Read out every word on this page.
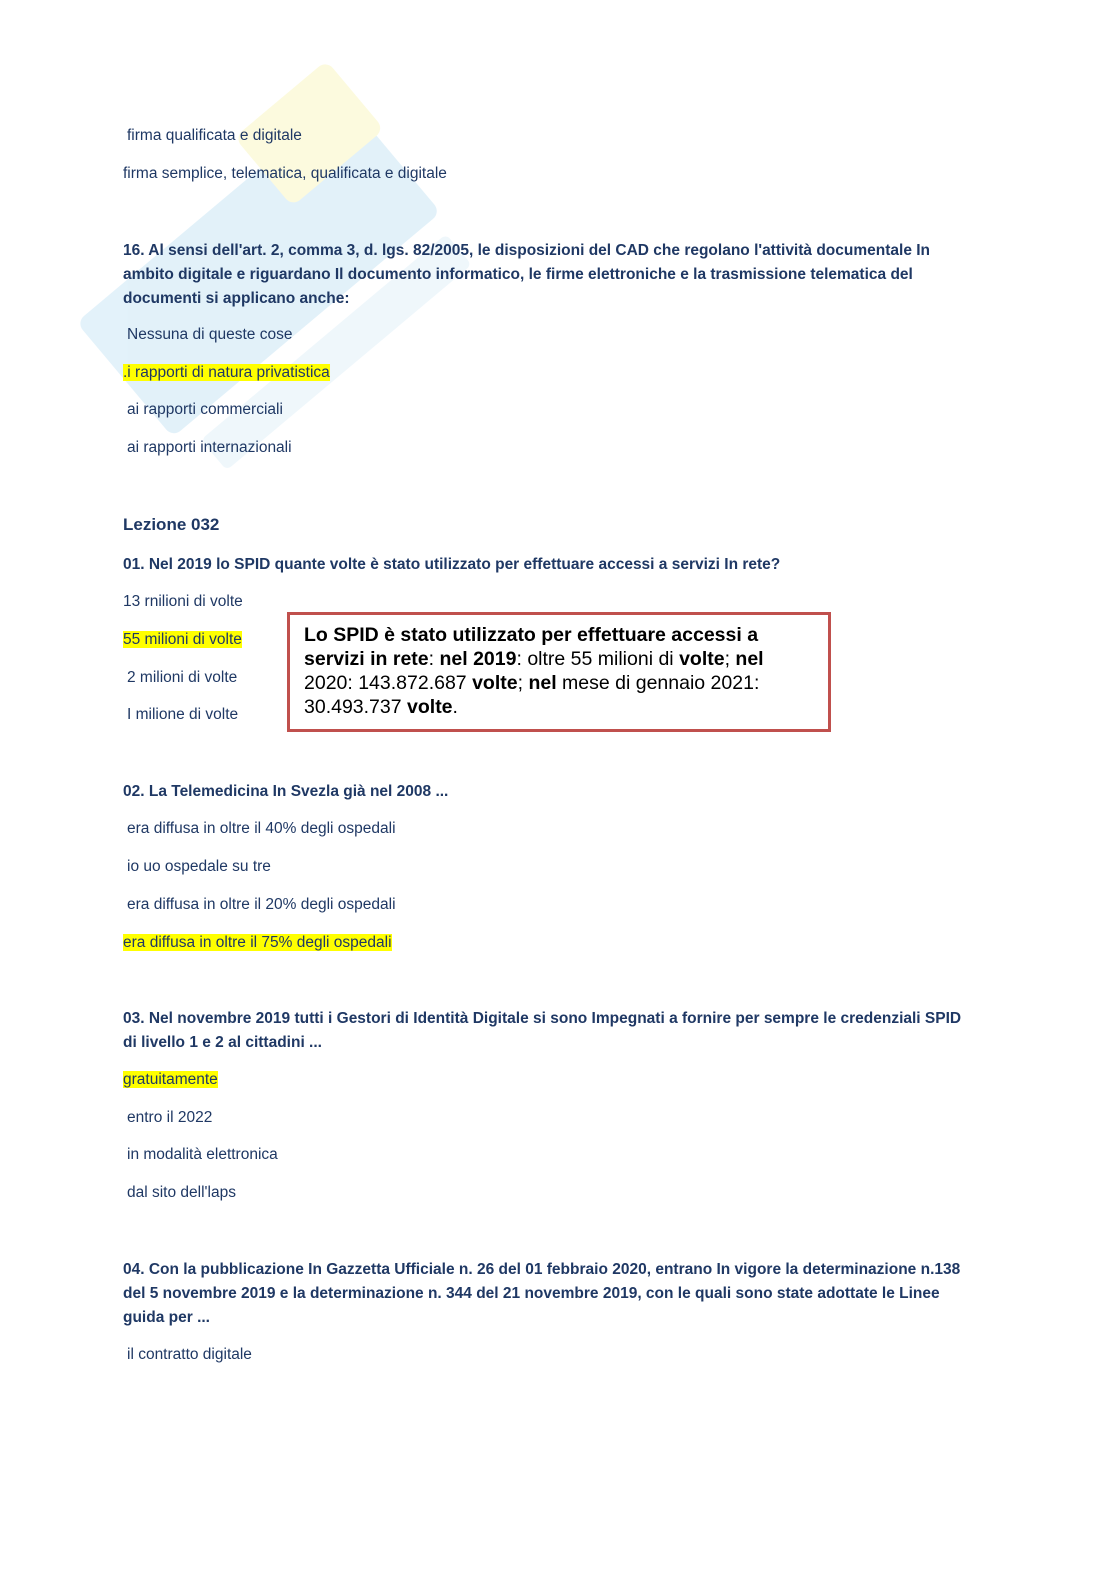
firma qualificata e digitale
firma semplice, telematica, qualificata e digitale
16. Al sensi dell'art. 2, comma 3, d. lgs. 82/2005, le disposizioni del CAD che regolano l'attività documentale In ambito digitale e riguardano Il documento informatico, le firme elettroniche e la trasmissione telematica del documenti si applicano anche:
Nessuna di queste cose
.i rapporti di natura privatistica
ai rapporti commerciali
ai rapporti internazionali
Lezione 032
01. Nel 2019 lo SPID quante volte è stato utilizzato per effettuare accessi a servizi In rete?
13 rnilioni di volte
55 milioni di volte
2 milioni di volte
I milione di volte
Lo SPID è stato utilizzato per effettuare accessi a servizi in rete: nel 2019: oltre 55 milioni di volte; nel 2020: 143.872.687 volte; nel mese di gennaio 2021: 30.493.737 volte.
02. La Telemedicina In Svezla già nel 2008 ...
era diffusa in oltre il 40% degli ospedali
io uo ospedale su tre
era diffusa in oltre il 20% degli ospedali
era diffusa in oltre il 75% degli ospedali
03. Nel novembre 2019 tutti i Gestori di Identità Digitale si sono Impegnati a fornire per sempre le credenziali SPID di livello 1 e 2 al cittadini ...
gratuitamente
entro il 2022
in modalità elettronica
dal sito dell'laps
04. Con la pubblicazione In Gazzetta Ufficiale n. 26 del 01 febbraio 2020, entrano In vigore la determinazione n.138 del 5 novembre 2019 e la determinazione n. 344 del 21 novembre 2019, con le quali sono state adottate le Linee guida per ...
il contratto digitale
